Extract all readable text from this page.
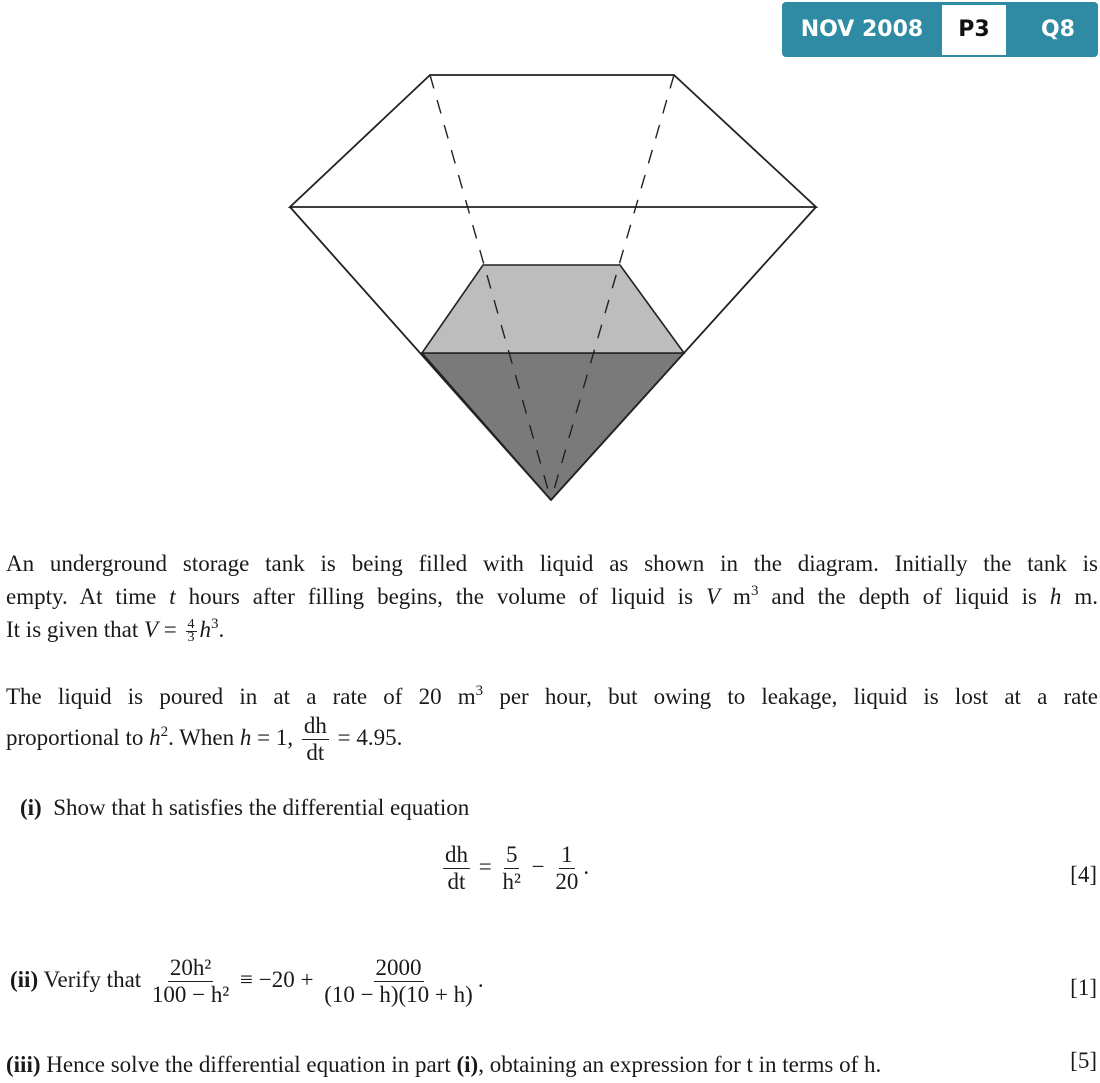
NOV 2008	P3	Q8
An underground storage tank is being filled with liquid as shown in the diagram. Initially the tank is
empty. At time t hours after filling begins, the volume of liquid is V $m^3$ and the depth of liquid is h m.
It is given that $V = \frac{4}{3} h^3$.
The liquid is poured in at a rate of 20 $m^3$ per hour, but owing to leakage, liquid is lost at a rate
proportional to $h^2$. When h = 1, $\frac{dh}{dt} = 4.95$.
(i) Show that h satisfies the differential equation
$\frac{dh}{dt} = \frac{5}{\text{h²}} - \frac{1}{20}$ .	[4]
(ii) Verify that $\frac{\text{20h²}}{\text{100 − h²}} \equiv -20 + \frac{2000}{(10 - h)(10 + h)}$ .	[1]
(iii) Hence solve the differential equation in part (i), obtaining an expression for t in terms of h.	[5]
